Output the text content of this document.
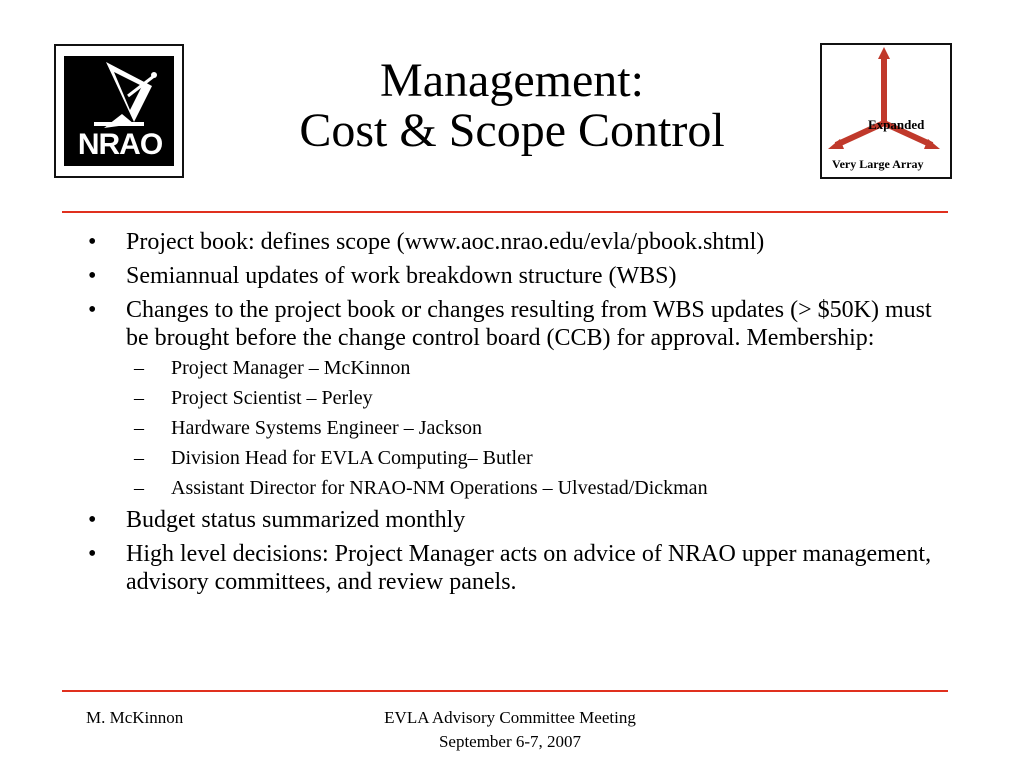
NRAO
Management:
Cost & Scope Control	Expanded
Very Large Array
• Project book: defines scope (www.aoc.nrao.edu/evla/pbook.shtml)
• Semiannual updates of work breakdown structure (WBS)
• Changes to the project book or changes resulting from WBS updates (> $50K) must be brought before the change control board (CCB) for approval. Membership:
– Project Manager – McKinnon
– Project Scientist – Perley
– Hardware Systems Engineer – Jackson
– Division Head for EVLA Computing– Butler
– Assistant Director for NRAO-NM Operations – Ulvestad/Dickman
• Budget status summarized monthly
• High level decisions: Project Manager acts on advice of NRAO upper management, advisory committees, and review panels.
M. McKinnon	EVLA Advisory Committee Meeting
September 6-7, 2007
